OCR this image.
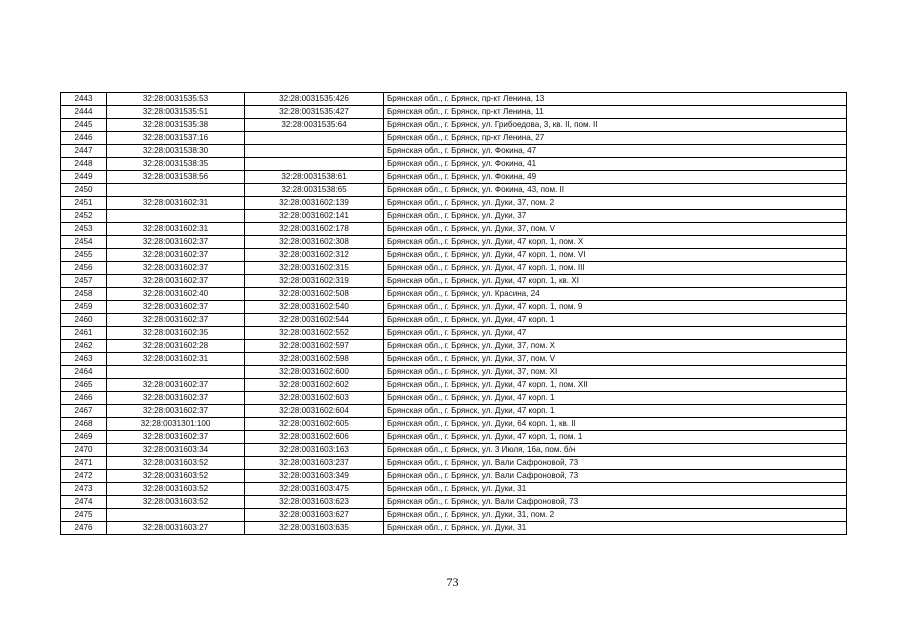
2443	32:28:0031535:53	32:28:0031535:426	Брянская обл., г. Брянск, пр-кт Ленина, 13
2444	32:28:0031535:51	32:28:0031535:427	Брянская обл., г. Брянск, пр-кт Ленина, 11
2445	32:28:0031535:38	32:28:0031535:64	Брянская обл., г. Брянск, ул. Грибоедова, 3, кв. II, пом. II
2446	32:28:0031537:16		Брянская обл., г. Брянск, пр-кт Ленина, 27
2447	32:28:0031538:30		Брянская обл., г. Брянск, ул. Фокина, 47
2448	32:28:0031538:35		Брянская обл., г. Брянск, ул. Фокина, 41
2449	32:28:0031538:56	32:28:0031538:61	Брянская обл., г. Брянск, ул. Фокина, 49
2450		32:28:0031538:65	Брянская обл., г. Брянск, ул. Фокина, 43, пом. II
2451	32:28:0031602:31	32:28:0031602:139	Брянская обл., г. Брянск, ул. Дуки, 37, пом. 2
2452		32:28:0031602:141	Брянская обл., г. Брянск, ул. Дуки, 37
2453	32:28:0031602:31	32:28:0031602:178	Брянская обл., г. Брянск, ул. Дуки, 37, пом. V
2454	32:28:0031602:37	32:28:0031602:308	Брянская обл., г. Брянск, ул. Дуки, 47 корп. 1, пом. X
2455	32:28:0031602:37	32:28:0031602:312	Брянская обл., г. Брянск, ул. Дуки, 47 корп. 1, пом. VI
2456	32:28:0031602:37	32:28:0031602:315	Брянская обл., г. Брянск, ул. Дуки, 47 корп. 1, пом. III
2457	32:28:0031602:37	32:28:0031602:319	Брянская обл., г. Брянск, ул. Дуки, 47 корп. 1, кв. XI
2458	32:28:0031602:40	32:28:0031602:508	Брянская обл., г. Брянск, ул. Красина, 24
2459	32:28:0031602:37	32:28:0031602:540	Брянская обл., г. Брянск, ул. Дуки, 47 корп. 1, пом. 9
2460	32:28:0031602:37	32:28:0031602:544	Брянская обл., г. Брянск, ул. Дуки, 47 корп. 1
2461	32:28:0031602:35	32:28:0031602:552	Брянская обл., г. Брянск, ул. Дуки, 47
2462	32:28:0031602:28	32:28:0031602:597	Брянская обл., г. Брянск, ул. Дуки, 37, пом. X
2463	32:28:0031602:31	32:28:0031602:598	Брянская обл., г. Брянск, ул. Дуки, 37, пом. V
2464		32:28:0031602:600	Брянская обл., г. Брянск, ул. Дуки, 37, пом. XI
2465	32:28:0031602:37	32:28:0031602:602	Брянская обл., г. Брянск, ул. Дуки, 47 корп. 1, пом. XII
2466	32:28:0031602:37	32:28:0031602:603	Брянская обл., г. Брянск, ул. Дуки, 47 корп. 1
2467	32:28:0031602:37	32:28:0031602:604	Брянская обл., г. Брянск, ул. Дуки, 47 корп. 1
2468	32:28:0031301:100	32:28:0031602:605	Брянская обл., г. Брянск, ул. Дуки, 64 корп. 1, кв. II
2469	32:28:0031602:37	32:28:0031602:606	Брянская обл., г. Брянск, ул. Дуки, 47 корп. 1, пом. 1
2470	32:28:0031603:34	32:28:0031603:163	Брянская обл., г. Брянск, ул. 3 Июля, 16а, пом. б/н
2471	32:28:0031603:52	32:28:0031603:237	Брянская обл., г. Брянск, ул. Вали Сафроновой, 73
2472	32:28:0031603:52	32:28:0031603:349	Брянская обл., г. Брянск, ул. Вали Сафроновой, 73
2473	32:28:0031603:52	32:28:0031603:475	Брянская обл., г. Брянск, ул. Дуки, 31
2474	32:28:0031603:52	32:28:0031603:623	Брянская обл., г. Брянск, ул. Вали Сафроновой, 73
2475		32:28:0031603:627	Брянская обл., г. Брянск, ул. Дуки, 31, пом. 2
2476	32:28:0031603:27	32:28:0031603:635	Брянская обл., г. Брянск, ул. Дуки, 31
73
